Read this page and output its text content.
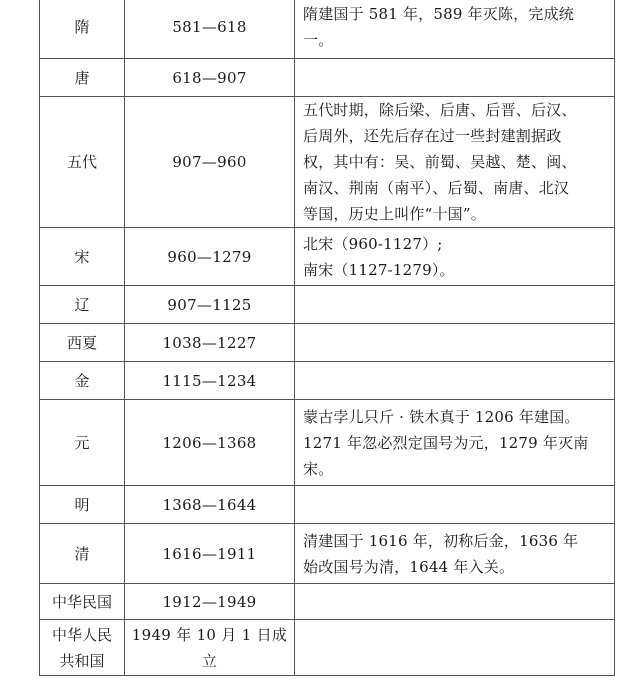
隋	581—618	隋建国于 581 年，589 年灭陈，完成统
一。

唐	618—907	

五代	907—960	五代时期，除后梁、后唐、后晋、后汉、
后周外，还先后存在过一些封建割据政
权，其中有：吴、前蜀、吴越、楚、闽、
南汉、荆南（南平）、后蜀、南唐、北汉
等国，历史上叫作“十国”。

宋	960—1279	北宋（960-1127）;
南宋（1127-1279）。

辽	907—1125	

西夏	1038—1227	

金	1115—1234	

元	1206—1368	蒙古孛儿只斤 · 铁木真于 1206 年建国。
1271 年忽必烈定国号为元，1279 年灭南
宋。

明	1368—1644	

清	1616—1911	清建国于 1616 年，初称后金，1636 年
始改国号为清，1644 年入关。

中华民国	1912—1949	

中华人民
共和国	1949 年 10 月 1 日成立	
